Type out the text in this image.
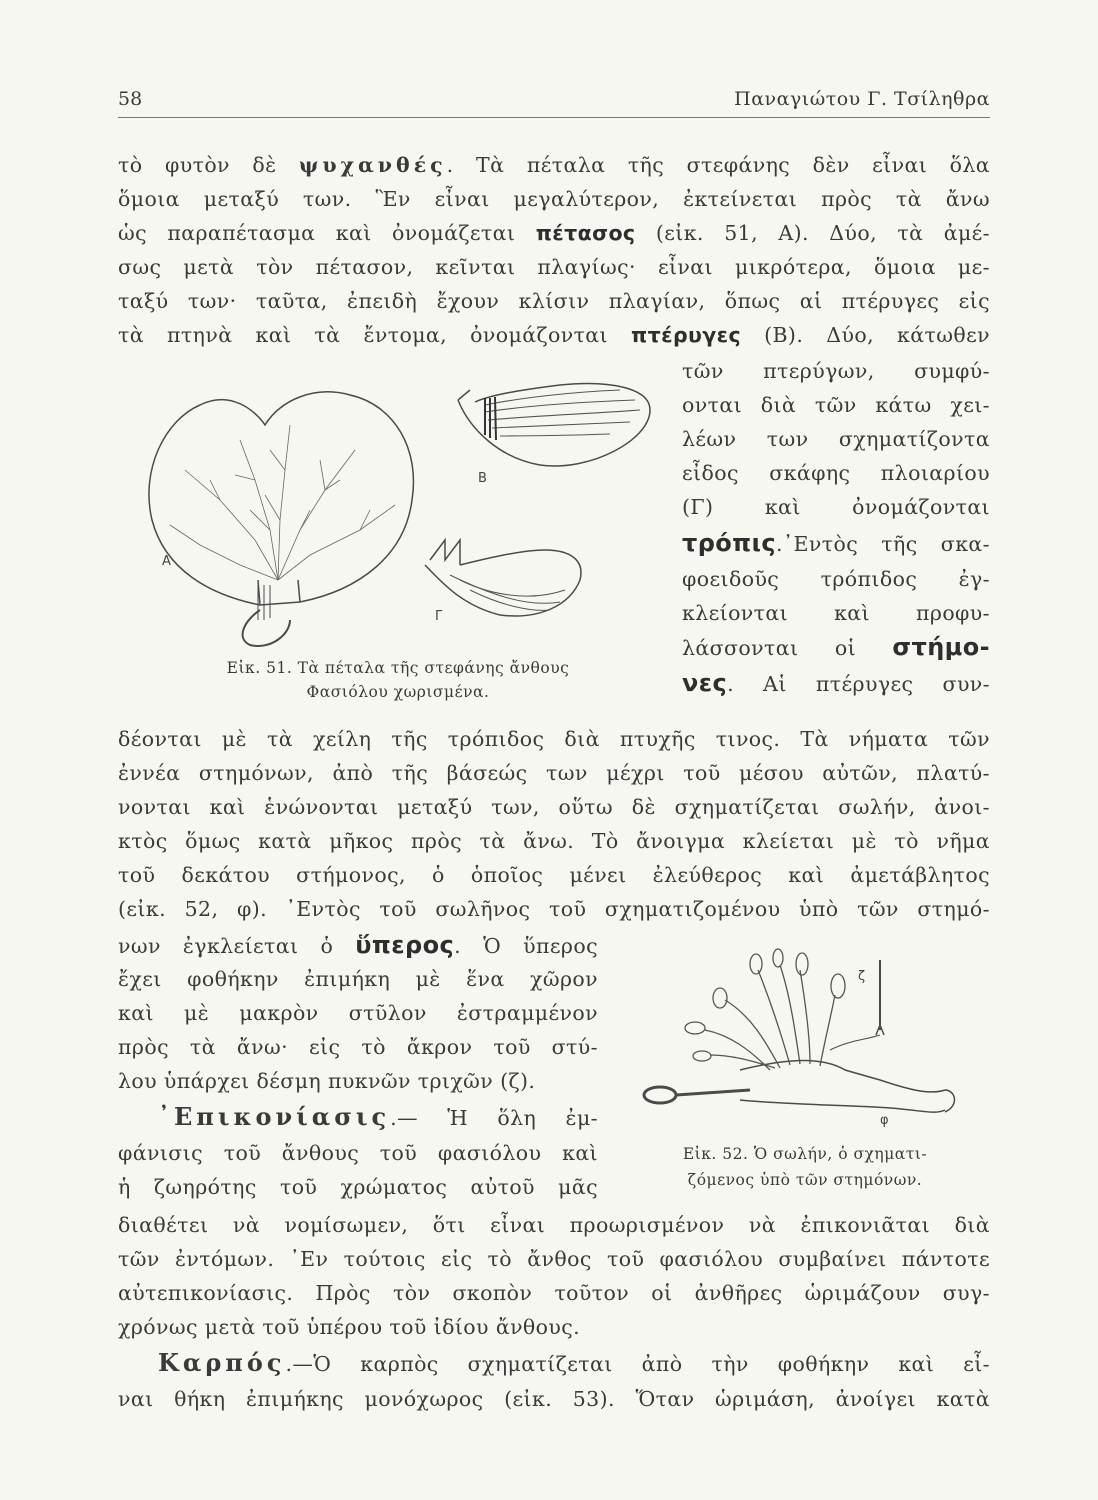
58	Παναγιώτου Γ. Τσίληθρα
τὸ φυτὸν δὲ ψυχανθές. Τὰ πέταλα τῆς στεφάνης δὲν εἶναι ὅλα
ὅμοια μεταξύ των. Ἓν εἶναι μεγαλύτερον, ἐκτείνεται πρὸς τὰ ἄνω
ὡς παραπέτασμα καὶ ὀνομάζεται πέτασος (εἰκ. 51, Α). Δύο, τὰ ἀμέ-
σως μετὰ τὸν πέτασον, κεῖνται πλαγίως· εἶναι μικρότερα, ὅμοια με-
ταξύ των· ταῦτα, ἐπειδὴ ἔχουν κλίσιν πλαγίαν, ὅπως αἱ πτέρυγες εἰς
τὰ πτηνὰ καὶ τὰ ἔντομα, ὀνομάζονται πτέρυγες (Β). Δύο, κάτωθεν
τῶν πτερύγων, συμφύ-
ονται διὰ τῶν κάτω χει-
λέων των σχηματίζοντα
εἶδος σκάφης πλοιαρίου
(Γ) καὶ ὀνομάζονται
τρόπις.᾿Εντὸς τῆς σκα-
φοειδοῦς τρόπιδος ἐγ-
κλείονται καὶ προφυ-
λάσσονται οἱ στήμο-
νες. Αἱ πτέρυγες συν-
Α
Β
Γ
Εἰκ. 51. Τὰ πέταλα τῆς στεφάνης ἄνθους
Φασιόλου χωρισμένα.
δέονται μὲ τὰ χείλη τῆς τρόπιδος διὰ πτυχῆς τινος. Τὰ νήματα τῶν
ἐννέα στημόνων, ἀπὸ τῆς βάσεώς των μέχρι τοῦ μέσου αὐτῶν, πλατύ-
νονται καὶ ἑνώνονται μεταξύ των, οὕτω δὲ σχηματίζεται σωλήν, ἀνοι-
κτὸς ὅμως κατὰ μῆκος πρὸς τὰ ἄνω. Τὸ ἄνοιγμα κλείεται μὲ τὸ νῆμα
τοῦ δεκάτου στήμονος, ὁ ὁποῖος μένει ἐλεύθερος καὶ ἀμετάβλητος
(εἰκ. 52, φ). ᾿Εντὸς τοῦ σωλῆνος τοῦ σχηματιζομένου ὑπὸ τῶν στημό-
νων ἐγκλείεται ὁ ὕπερος. Ὁ ὕπερος
ἔχει φοθήκην ἐπιμήκη μὲ ἕνα χῶρον
καὶ μὲ μακρὸν στῦλον ἐστραμμένον
πρὸς τὰ ἄνω· εἰς τὸ ἄκρον τοῦ στύ-
λου ὑπάρχει δέσμη πυκνῶν τριχῶν (ζ).
᾿Επικονίασις.— Ἡ ὅλη ἐμ-
φάνισις τοῦ ἄνθους τοῦ φασιόλου καὶ
ἡ ζωηρότης τοῦ χρώματος αὐτοῦ μᾶς
ζ
φ
Εἰκ. 52. Ὁ σωλήν, ὁ σχηματι-
ζόμενος ὑπὸ τῶν στημόνων.
διαθέτει νὰ νομίσωμεν, ὅτι εἶναι προωρισμένον νὰ ἐπικονιᾶται διὰ
τῶν ἐντόμων. ᾿Εν τούτοις εἰς τὸ ἄνθος τοῦ φασιόλου συμβαίνει πάντοτε
αὐτεπικονίασις. Πρὸς τὸν σκοπὸν τοῦτον οἱ ἀνθῆρες ὡριμάζουν συγ-
χρόνως μετὰ τοῦ ὑπέρου τοῦ ἰδίου ἄνθους.
Καρπός.—Ὁ καρπὸς σχηματίζεται ἀπὸ τὴν φοθήκην καὶ εἶ-
ναι θήκη ἐπιμήκης μονόχωρος (εἰκ. 53). Ὅταν ὡριμάση, ἀνοίγει κατὰ
